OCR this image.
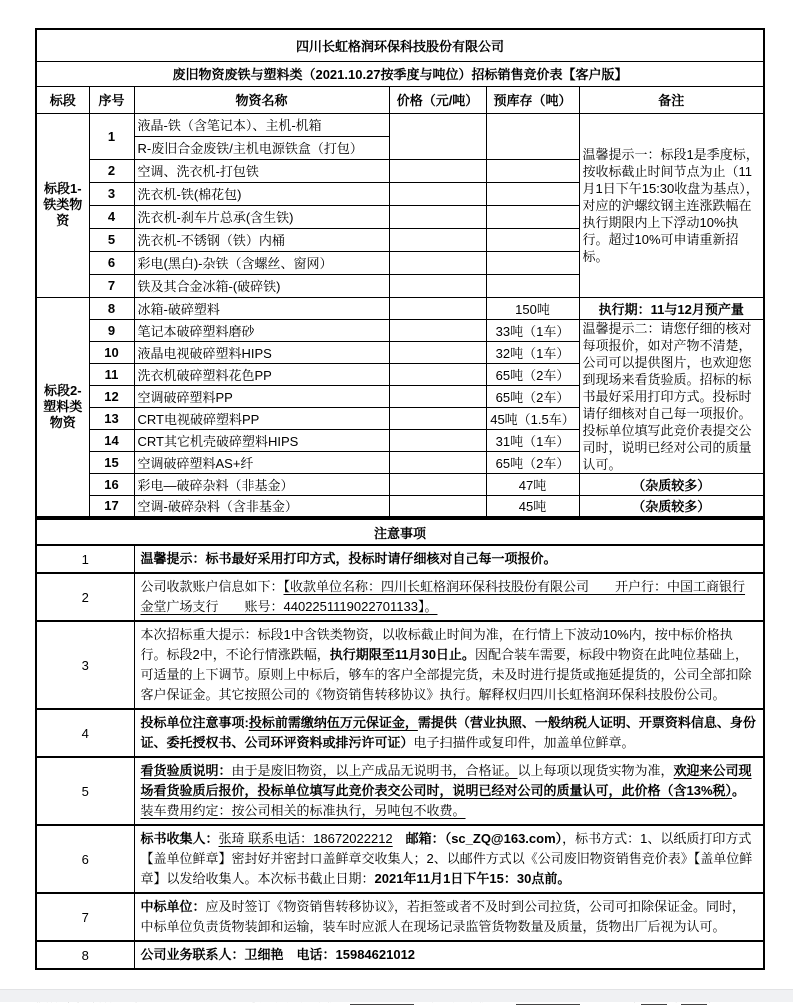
四川长虹格润环保科技股份有限公司					
废旧物资废铁与塑料类（2021.10.27按季度与吨位）招标销售竞价表【客户版】					
标段	序号	物资名称	价格（元/吨）	预库存（吨）	备注
标段1-铁类物资	1	液晶-铁（含笔记本）、主机-机箱			温馨提示一：标段1是季度标，按收标截止时间节点为止（11月1日下午15:30收盘为基点），对应的沪螺纹钢主连涨跌幅在执行期限内上下浮动10%执行。超过10%可申请重新招标。
		R-废旧合金废铁/主机电源铁盒（打包）			
	2	空调、洗衣机-打包铁			
	3	洗衣机-铁(棉花包)			
	4	洗衣机-刹车片总承(含生铁)			
	5	洗衣机-不锈钢（铁）内桶			
	6	彩电(黑白)-杂铁（含螺丝、窗网）			
	7	铁及其合金冰箱-(破碎铁)			
标段2-塑料类物资	8	冰箱-破碎塑料		150吨	执行期：11与12月预产量
	9	笔记本破碎塑料磨砂		33吨（1车）	温馨提示二：请您仔细的核对每项报价，如对产物不清楚，公司可以提供图片，也欢迎您到现场来看货验质。招标的标书最好采用打印方式。投标时请仔细核对自己每一项报价。投标单位填写此竞价表提交公司时，说明已经对公司的质量认可。
	10	液晶电视破碎塑料HIPS		32吨（1车）	
	11	洗衣机破碎塑料花色PP		65吨（2车）	
	12	空调破碎塑料PP		65吨（2车）	
	13	CRT电视破碎塑料PP		45吨（1.5车）	
	14	CRT其它机壳破碎塑料HIPS		31吨（1车）	
	15	空调破碎塑料AS+纤		65吨（2车）	
	16	彩电—破碎杂料（非基金）		47吨	（杂质较多）
	17	空调-破碎杂料（含非基金）		45吨	（杂质较多）
注意事项	
1	温馨提示：标书最好采用打印方式，投标时请仔细核对自己每一项报价。
2	公司收款账户信息如下：【收款单位名称：四川长虹格润环保科技股份有限公司　　开户行：中国工商银行金堂广场支行　　账号：4402251119022701133】。
3	本次招标重大提示：标段1中含铁类物资，以收标截止时间为准，在行情上下波动10%内，按中标价格执行。标段2中，不论行情涨跌幅，执行期限至11月30日止。因配合装车需要，标段中物资在此吨位基础上，可适量的上下调节。原则上中标后，够车的客户全部提完货，未及时进行提货或拖延提货的，公司全部扣除客户保证金。其它按照公司的《物资销售转移协议》执行。解释权归四川长虹格润环保科技股份公司。
4	投标单位注意事项:投标前需缴纳伍万元保证金，需提供（营业执照、一般纳税人证明、开票资料信息、身份证、委托授权书、公司环评资料或排污许可证）电子扫描件或复印件，加盖单位鲜章。
5	看货验质说明：由于是废旧物资，以上产成品无说明书，合格证。以上每项以现货实物为准，欢迎来公司现场看货验质后报价，投标单位填写此竞价表交公司时，说明已经对公司的质量认可，此价格（含13%税）。装车费用约定：按公司相关的标准执行，另吨包不收费。
6	标书收集人：张琦 联系电话：18672022212　邮箱：（sc_ZQ@163.com），标书方式：1、以纸质打印方式【盖单位鲜章】密封好并密封口盖鲜章交收集人；2、以邮件方式以《公司废旧物资销售竞价表》【盖单位鲜章】以发给收集人。本次标书截止日期：2021年11月1日下午15：30点前。
7	中标单位：应及时签订《物资销售转移协议》，若拒签或者不及时到公司拉货，公司可扣除保证金。同时，中标单位负责货物装卸和运输，装车时应派人在现场记录监管货物数量及质量，货物出厂后视为认可。
8	公司业务联系人：卫细艳　电话：15984621012
